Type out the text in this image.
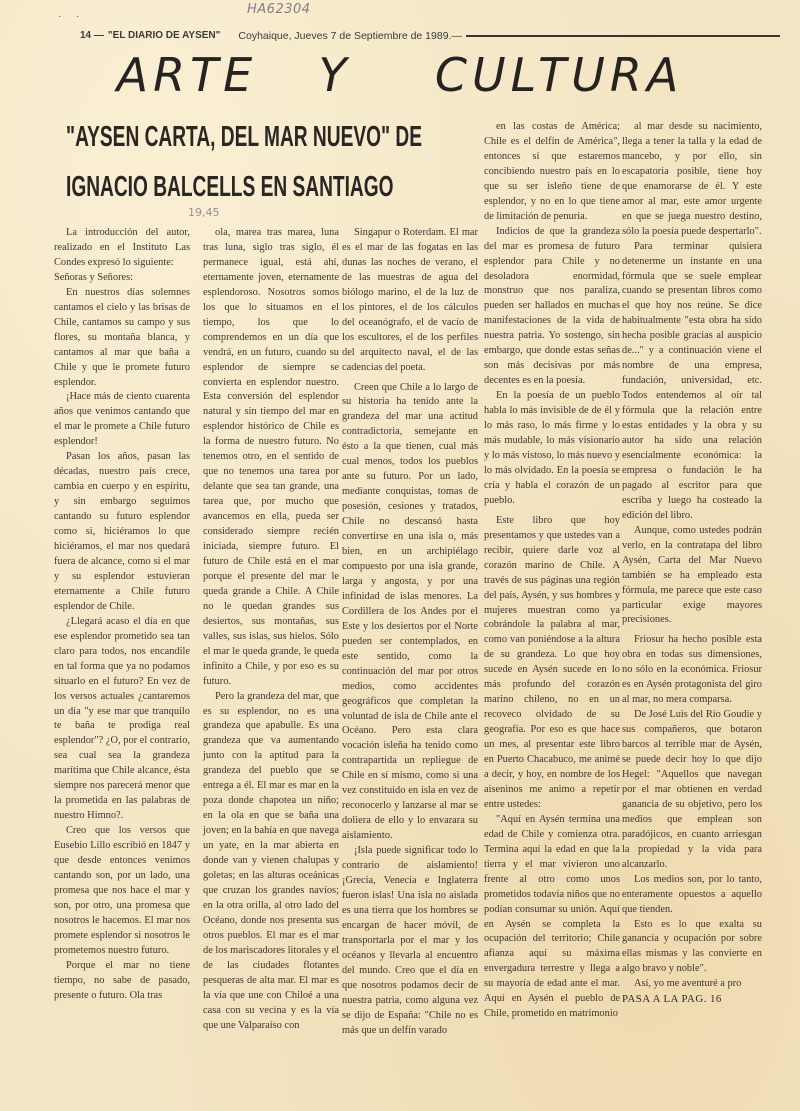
· ·
HA62304
14 — "EL DIARIO DE AYSEN" Coyhaique, Jueves 7 de Septiembre de 1989.—
ARTE Y CULTURA
"AYSEN CARTA, DEL MAR NUEVO" DE
IGNACIO BALCELLS EN SANTIAGO
19,45

La introducción del autor, realizado en el Instituto Las Condes expresó lo siguiente:

Señoras y Señores:

En nuestros días solemnes cantamos el cielo y las brisas de Chile, cantamos su campo y sus flores, su montaña blanca, y cantamos al mar que baña a Chile y que le promete futuro esplendor.

¡Hace más de ciento cuarenta años que venimos cantando que el mar le promete a Chile futuro esplendor!

Pasan los años, pasan las décadas, nuestro país crece, cambia en cuerpo y en espíritu, y sin embargo seguimos cantando su futuro esplendor como si, hiciéramos lo que hiciéramos, el mar nos quedará fuera de alcance, como si el mar y su esplendor estuvieran eternamente a Chile futuro esplendor de Chile.

¿Llegará acaso el día en que ese esplendor prometido sea tan claro para todos, nos encandile en tal forma que ya no podamos situarlo en el futuro? En vez de los versos actuales ¿cantaremos un día "y ese mar que tranquilo te baña te prodiga real esplendor"? ¿O, por el contrario, sea cual sea la grandeza marítima que Chile alcance, ésta siempre nos parecerá menor que la prometida en las palabras de nuestro Himno?.

Creo que los versos que Eusebio Lillo escribió en 1847 y que desde entonces venimos cantando son, por un lado, una promesa que nos hace el mar y son, por otro, una promesa que nosotros le hacemos. El mar nos promete esplendor si nosotros le prometemos nuestro futuro.

Porque el mar no tiene tiempo, no sabe de pasado, presente o futuro. Ola tras

ola, marea tras marea, luna tras luna, siglo tras siglo, él permanece igual, está ahí, eternamente joven, eternamente esplendoroso. Nosotros somos los que lo situamos en el tiempo, los que lo comprendemos en un día que vendrá, en un futuro, cuando su esplendor de siempre se convierta en esplendor nuestro. Esta conversión del esplendor natural y sin tiempo del mar en esplendor histórico de Chile es la forma de nuestro futuro. No tenemos otro, en el sentido de que no tenemos una tarea por delante que sea tan grande, una tarea que, por mucho que avancemos en ella, pueda ser considerado siempre recién iniciada, siempre futuro. El futuro de Chile está en el mar porque el presente del mar le queda grande a Chile. A Chile no le quedan grandes sus desiertos, sus montañas, sus valles, sus islas, sus hielos. Sólo el mar le queda grande, le queda infinito a Chile, y por eso es su futuro.

Pero la grandeza del mar, que es su esplendor, no es una grandeza que apabulle. Es una grandeza que va aumentando junto con la aptitud para la grandeza del pueblo que se entrega a él. El mar es mar en la poza donde chapotea un niño; en la ola en que se baña una joven; en la bahía en que navega un yate, en la mar abierta en donde van y vienen chalupas y goletas; en las alturas oceánicas que cruzan los grandes navíos; en la otra orilla, al otro lado del Océano, donde nos presenta sus otros pueblos. El mar es el mar de los mariscadores litorales y el de las ciudades flotantes pesqueras de alta mar. El mar es la vía que une con Chiloé a una casa con su vecina y es la vía que une Valparaíso con

Singapur o Roterdam. El mar es el mar de las fogatas en las dunas las noches de verano, el de las muestras de agua del biólogo marino, el de la luz de los pintores, el de los cálculos del oceanógrafo, el de vacío de los escultores, el de los perfiles del arquitecto naval, el de las cadencias del poeta.

Creen que Chile a lo largo de su historia ha tenido ante la grandeza del mar una actitud contradictoria, semejante en ésto a la que tienen, cual más cual menos, todos los pueblos ante su futuro. Por un lado, mediante conquistas, tomas de posesión, cesiones y tratados, Chile no descansó hasta convertirse en una isla o, más bien, en un archipiélago compuesto por una isla grande, larga y angosta, y por una infinidad de islas menores. La Cordillera de los Andes por el Este y los desiertos por el Norte pueden ser contemplados, en este sentido, como la continuación del mar por otros medios, como accidentes geográficos que completan la voluntad de isla de Chile ante el Océano. Pero esta clara vocación isleña ha tenido como contrapartida un repliegue de Chile en sí mismo, como si una vez constituido en isla en vez de reconocerlo y lanzarse al mar se doliera de ello y lo envarara su aislamiento.

¡Isla puede significar todo lo contrario de aislamiento! ¡Grecia, Venecia e Inglaterra fueron islas! Una isla no aislada es una tierra que los hombres se encargan de hacer móvil, de transportarla por el mar y los océanos y llevarla al encuentro del mundo. Creo que el día en que nosotros podamos decir de nuestra patria, como alguna vez se dijo de España: "Chile no es más que un delfín varado

en las costas de América; Chile es el delfín de América", entonces sí que estaremos concibiendo nuestro país en lo que su ser isleño tiene de esplendor, y no en lo que tiene de limitación de penuria.

Indicios de que la grandeza del mar es promesa de futuro esplendor para Chile y no desoladora enormidad, monstruo que nos paraliza, pueden ser hallados en muchas manifestaciones de la vida de nuestra patria. Yo sostengo, sin embargo, que donde estas señas son más decisivas por más decentes es en la poesía.

En la poesía de un pueblo habla lo más invisible de de él y lo más raso, lo más firme y lo más mudable, lo más visionario y lo más vistoso, lo más nuevo y lo más olvidado. En la poesía se cría y habla el corazón de un pueblo.

Este libro que hoy presentamos y que ustedes van a recibir, quiere darle voz al corazón marino de Chile. A través de sus páginas una región del país, Aysén, y sus hombres y mujeres muestran como ya cobrándole la palabra al mar, como van poniéndose a la altura de su grandeza. Lo que hoy sucede en Aysén sucede en lo más profundo del corazón marino chileno, no en un recoveco olvidado de su geografía. Por eso es que hace un mes, al presentar este libro en Puerto Chacabuco, me animé a decir, y hoy, en nombre de los aiseninos me animo a repetir entre ustedes:

"Aquí en Aysén termina una edad de Chile y comienza otra. Termina aquí la edad en que la tierra y el mar vivieron uno frente al otro como unos prometidos todavía niños que no podían consumar su unión. Aquí en Aysén se completa la ocupación del territorio; Chile afianza aquí su máxima envergadura terrestre y llega a su mayoría de edad ante el mar. Aquí en Aysén el pueblo de Chile, prometido en matrimonio

al mar desde su nacimiento, llega a tener la talla y la edad de mancebo, y por ello, sin escapatoria posible, tiene hoy que enamorarse de él. Y este amor al mar, este amor urgente en que se juega nuestro destino, sólo la poesía puede despertarlo".

Para terminar quisiera detenerme un instante en una fórmula que se suele emplear cuando se presentan libros como el que hoy nos reúne. Se dice habitualmente "esta obra ha sido hecha posible gracias al auspicio de..." y a continuación viene el nombre de una empresa, fundación, universidad, etc. Todos entendemos al oír tal fórmula que la relación entre estas entidades y la obra y su autor ha sido una relación esencialmente económica: la empresa o fundación le ha pagado al escritor para que escriba y luego ha costeado la edición del libro.

Aunque, como ustedes podrán verlo, en la contratapa del libro Aysén, Carta del Mar Nuevo también se ha empleado esta fórmula, me parece que este caso particular exige mayores precisiones.

Friosur ha hecho posible esta obra en todas sus dimensiones, no sólo en la económica. Friosur es en Aysén protagonista del giro al mar, no mera comparsa.

De José Luis del Río Goudie y sus compañeros, que botaron barcos al terrible mar de Aysén, se puede decir hoy lo que dijo Hegel: "Aquellos que navegan por el mar obtienen en verdad ganancia de su objetivo, pero los medios que emplean son paradójicos, en cuanto arriesgan la propiedad y la vida para alcanzarlo.

Los medios son, por lo tanto, enteramente opuestos a aquello que tienden.

Esto es lo que exalta su ganancia y ocupación por sobre ellas mismas y las convierte en algo bravo y noble".

Así, yo me aventuré a pro

PASA A LA PAG. 16
